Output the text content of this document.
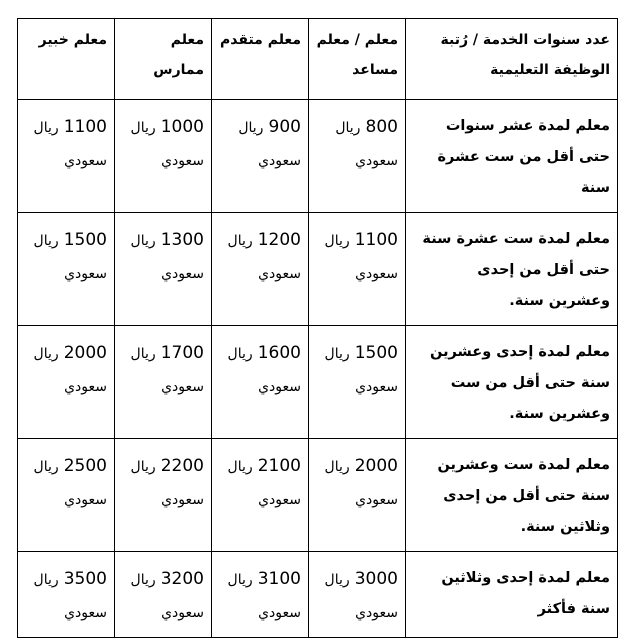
عدد سنوات الخدمة / رُتبة الوظيفة التعليمية	معلم / معلم مساعد	معلم متقدم	معلم ممارس	معلم خبير
معلم لمدة عشر سنوات حتى أقل من ست عشرة سنة	800 ريال سعودي	900 ريال سعودي	1000 ريال سعودي	1100 ريال سعودي
معلم لمدة ست عشرة سنة حتى أقل من إحدى وعشرين سنة.	1100 ريال سعودي	1200 ريال سعودي	1300 ريال سعودي	1500 ريال سعودي
معلم لمدة إحدى وعشرين سنة حتى أقل من ست وعشرين سنة.	1500 ريال سعودي	1600 ريال سعودي	1700 ريال سعودي	2000 ريال سعودي
معلم لمدة ست وعشرين سنة حتى أقل من إحدى وثلاثين سنة.	2000 ريال سعودي	2100 ريال سعودي	2200 ريال سعودي	2500 ريال سعودي
معلم لمدة إحدى وثلاثين سنة فأكثر	3000 ريال سعودي	3100 ريال سعودي	3200 ريال سعودي	3500 ريال سعودي
